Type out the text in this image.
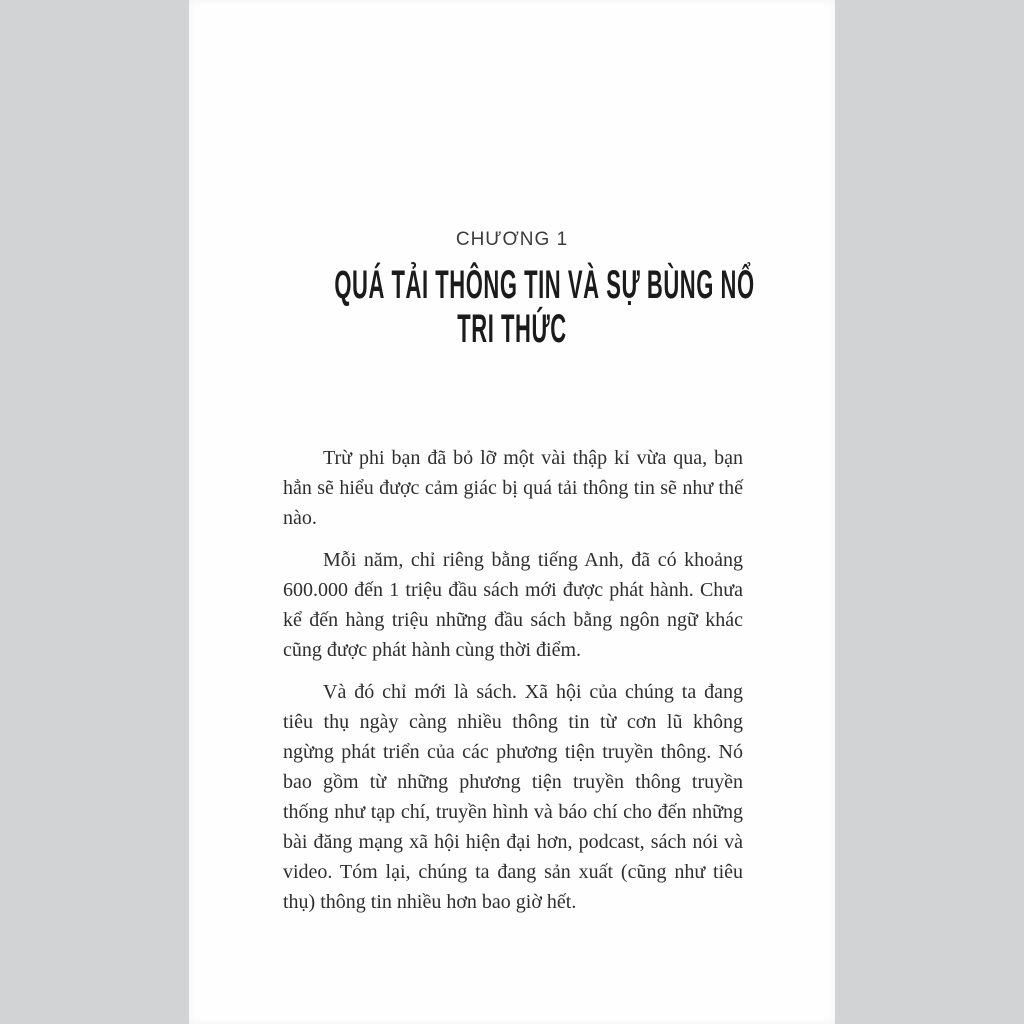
CHƯƠNG 1
QUÁ TẢI THÔNG TIN VÀ SỰ BÙNG NỔ
TRI THỨC

Trừ phi bạn đã bỏ lỡ một vài thập kỉ vừa qua, bạn hẳn sẽ hiểu được cảm giác bị quá tải thông tin sẽ như thế nào.

Mỗi năm, chỉ riêng bằng tiếng Anh, đã có khoảng 600.000 đến 1 triệu đầu sách mới được phát hành. Chưa kể đến hàng triệu những đầu sách bằng ngôn ngữ khác cũng được phát hành cùng thời điểm.

Và đó chỉ mới là sách. Xã hội của chúng ta đang tiêu thụ ngày càng nhiều thông tin từ cơn lũ không ngừng phát triển của các phương tiện truyền thông. Nó bao gồm từ những phương tiện truyền thông truyền thống như tạp chí, truyền hình và báo chí cho đến những bài đăng mạng xã hội hiện đại hơn, podcast, sách nói và video. Tóm lại, chúng ta đang sản xuất (cũng như tiêu thụ) thông tin nhiều hơn bao giờ hết.
